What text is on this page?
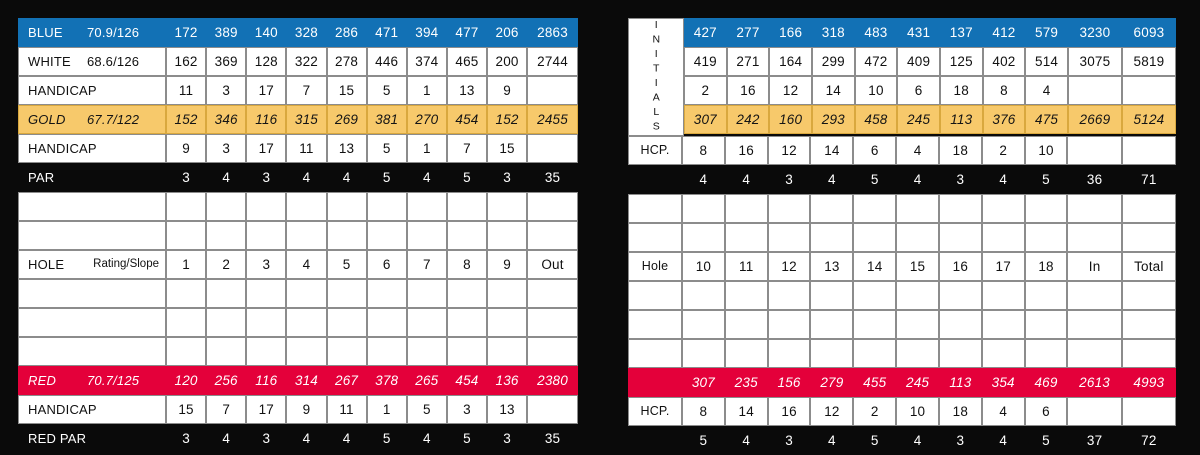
BLUE 70.9/126	172	389	140	328	286	471	394	477	206	2863
WHITE 68.6/126	162	369	128	322	278	446	374	465	200	2744
HANDICAP	11	3	17	7	15	5	1	13	9
GOLD 67.7/122	152	346	116	315	269	381	270	454	152	2455
HANDICAP	9	3	17	11	13	5	1	7	15
PAR	3	4	3	4	4	5	4	5	3	35
HOLE	Rating/Slope	1	2	3	4	5	6	7	8	9	Out
RED 70.7/125	120	256	116	314	267	378	265	454	136	2380
HANDICAP	15	7	17	9	11	1	5	3	13
RED PAR	3	4	3	4	4	5	4	5	3	35
INITIALS	427	277	166	318	483	431	137	412	579	3230	6093
419	271	164	299	472	409	125	402	514	3075	5819
2	16	12	14	10	6	18	8	4
307	242	160	293	458	245	113	376	475	2669	5124
HCP.	8	16	12	14	6	4	18	2	10
4	4	3	4	5	4	3	4	5	36	71
Hole	10	11	12	13	14	15	16	17	18	In	Total
307	235	156	279	455	245	113	354	469	2613	4993
HCP.	8	14	16	12	2	10	18	4	6
5	4	3	4	5	4	3	4	5	37	72
